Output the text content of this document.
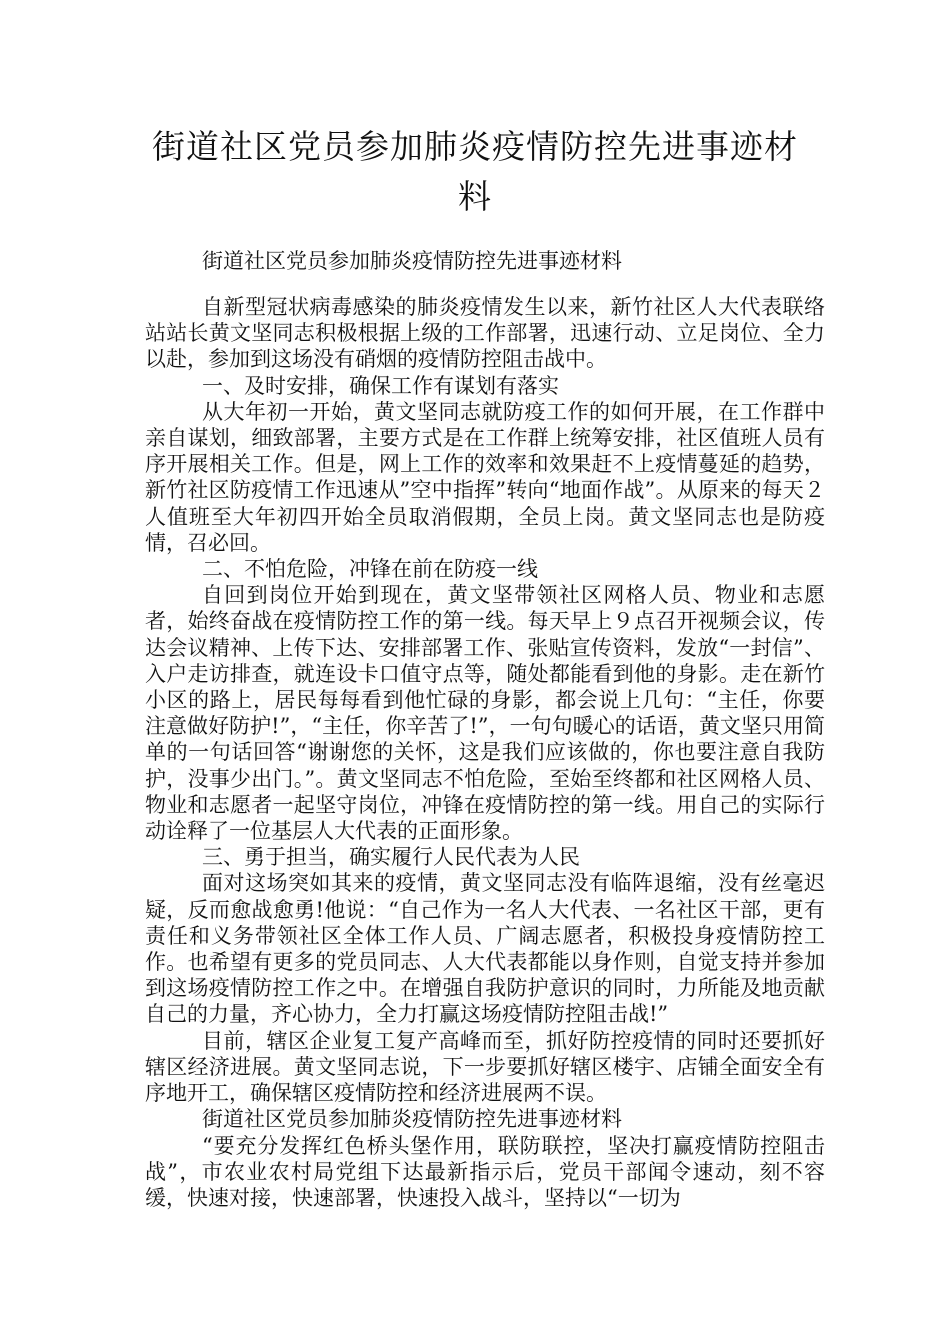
街道社区党员参加肺炎疫情防控先进事迹材料

街道社区党员参加肺炎疫情防控先进事迹材料

自新型冠状病毒感染的肺炎疫情发生以来，新竹社区人大代表联络站站长黄文坚同志积极根据上级的工作部署，迅速行动、立足岗位、全力以赴，参加到这场没有硝烟的疫情防控阻击战中。

一、及时安排，确保工作有谋划有落实

从大年初一开始，黄文坚同志就防疫工作的如何开展，在工作群中亲自谋划，细致部署，主要方式是在工作群上统筹安排，社区值班人员有序开展相关工作。但是，网上工作的效率和效果赶不上疫情蔓延的趋势，新竹社区防疫情工作迅速从”空中指挥”转向“地面作战”。从原来的每天２人值班至大年初四开始全员取消假期，全员上岗。黄文坚同志也是防疫情，召必回。

二、不怕危险，冲锋在前在防疫一线

自回到岗位开始到现在，黄文坚带领社区网格人员、物业和志愿者，始终奋战在疫情防控工作的第一线。每天早上９点召开视频会议，传达会议精神、上传下达、安排部署工作、张贴宣传资料，发放“一封信”、入户走访排查，就连设卡口值守点等，随处都能看到他的身影。走在新竹小区的路上，居民每每看到他忙碌的身影，都会说上几句：“主任，你要注意做好防护!”，“主任，你辛苦了!”，一句句暖心的话语，黄文坚只用简单的一句话回答“谢谢您的关怀，这是我们应该做的，你也要注意自我防护，没事少出门。”。黄文坚同志不怕危险，至始至终都和社区网格人员、物业和志愿者一起坚守岗位，冲锋在疫情防控的第一线。用自己的实际行动诠释了一位基层人大代表的正面形象。

三、勇于担当，确实履行人民代表为人民

面对这场突如其来的疫情，黄文坚同志没有临阵退缩，没有丝毫迟疑，反而愈战愈勇!他说：“自己作为一名人大代表、一名社区干部，更有责任和义务带领社区全体工作人员、广阔志愿者，积极投身疫情防控工作。也希望有更多的党员同志、人大代表都能以身作则，自觉支持并参加到这场疫情防控工作之中。在增强自我防护意识的同时，力所能及地贡献自己的力量，齐心协力，全力打赢这场疫情防控阻击战!”

目前，辖区企业复工复产高峰而至，抓好防控疫情的同时还要抓好辖区经济进展。黄文坚同志说，下一步要抓好辖区楼宇、店铺全面安全有序地开工，确保辖区疫情防控和经济进展两不误。

街道社区党员参加肺炎疫情防控先进事迹材料

“要充分发挥红色桥头堡作用，联防联控，坚决打赢疫情防控阻击战”，市农业农村局党组下达最新指示后，党员干部闻令速动，刻不容缓，快速对接，快速部署，快速投入战斗，坚持以“一切为
